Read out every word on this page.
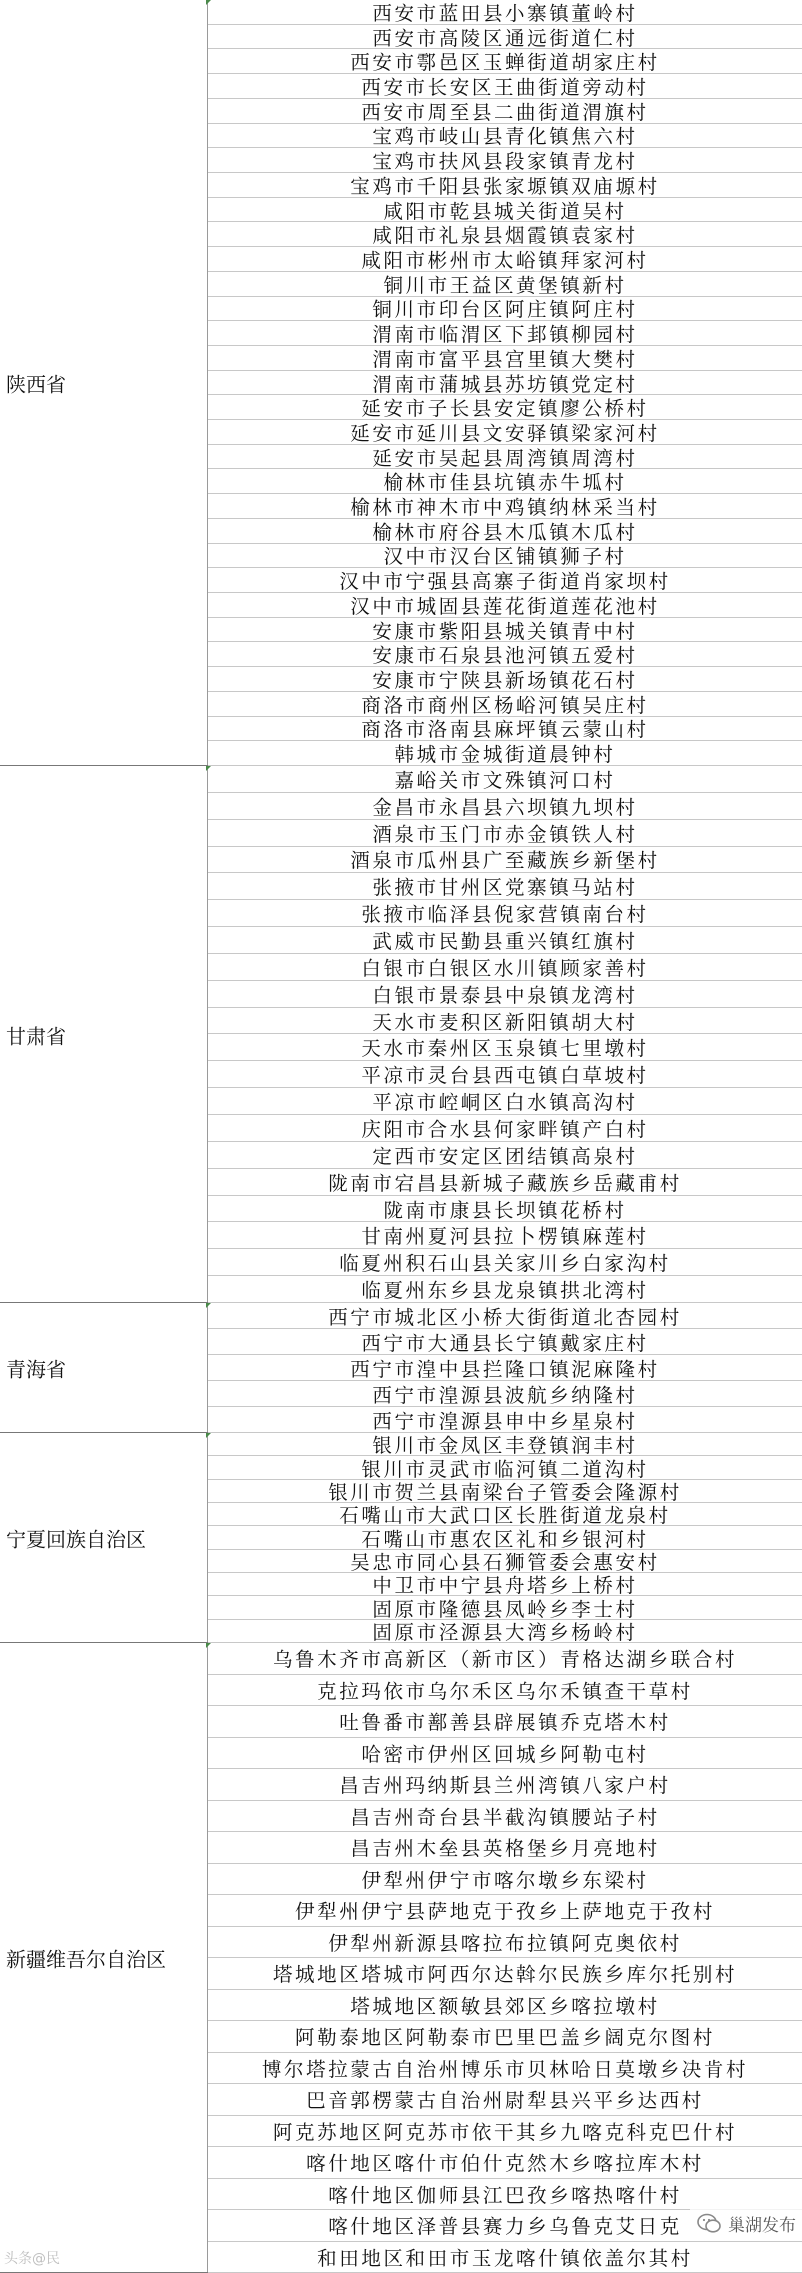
陕西省
甘肃省
青海省
宁夏回族自治区
新疆维吾尔自治区
西安市蓝田县小寨镇董岭村
西安市高陵区通远街道仁村
西安市鄠邑区玉蝉街道胡家庄村
西安市长安区王曲街道旁动村
西安市周至县二曲街道渭旗村
宝鸡市岐山县青化镇焦六村
宝鸡市扶风县段家镇青龙村
宝鸡市千阳县张家塬镇双庙塬村
咸阳市乾县城关街道吴村
咸阳市礼泉县烟霞镇袁家村
咸阳市彬州市太峪镇拜家河村
铜川市王益区黄堡镇新村
铜川市印台区阿庄镇阿庄村
渭南市临渭区下邽镇柳园村
渭南市富平县宫里镇大樊村
渭南市蒲城县苏坊镇党定村
延安市子长县安定镇廖公桥村
延安市延川县文安驿镇梁家河村
延安市吴起县周湾镇周湾村
榆林市佳县坑镇赤牛坬村
榆林市神木市中鸡镇纳林采当村
榆林市府谷县木瓜镇木瓜村
汉中市汉台区铺镇狮子村
汉中市宁强县高寨子街道肖家坝村
汉中市城固县莲花街道莲花池村
安康市紫阳县城关镇青中村
安康市石泉县池河镇五爱村
安康市宁陕县新场镇花石村
商洛市商州区杨峪河镇吴庄村
商洛市洛南县麻坪镇云蒙山村
韩城市金城街道晨钟村
嘉峪关市文殊镇河口村
金昌市永昌县六坝镇九坝村
酒泉市玉门市赤金镇铁人村
酒泉市瓜州县广至藏族乡新堡村
张掖市甘州区党寨镇马站村
张掖市临泽县倪家营镇南台村
武威市民勤县重兴镇红旗村
白银市白银区水川镇顾家善村
白银市景泰县中泉镇龙湾村
天水市麦积区新阳镇胡大村
天水市秦州区玉泉镇七里墩村
平凉市灵台县西屯镇白草坡村
平凉市崆峒区白水镇高沟村
庆阳市合水县何家畔镇产白村
定西市安定区团结镇高泉村
陇南市宕昌县新城子藏族乡岳藏甫村
陇南市康县长坝镇花桥村
甘南州夏河县拉卜楞镇麻莲村
临夏州积石山县关家川乡白家沟村
临夏州东乡县龙泉镇拱北湾村
西宁市城北区小桥大街街道北杏园村
西宁市大通县长宁镇戴家庄村
西宁市湟中县拦隆口镇泥麻隆村
西宁市湟源县波航乡纳隆村
西宁市湟源县申中乡星泉村
银川市金凤区丰登镇润丰村
银川市灵武市临河镇二道沟村
银川市贺兰县南梁台子管委会隆源村
石嘴山市大武口区长胜街道龙泉村
石嘴山市惠农区礼和乡银河村
吴忠市同心县石狮管委会惠安村
中卫市中宁县舟塔乡上桥村
固原市隆德县凤岭乡李士村
固原市泾源县大湾乡杨岭村
乌鲁木齐市高新区（新市区）青格达湖乡联合村
克拉玛依市乌尔禾区乌尔禾镇查干草村
吐鲁番市鄯善县辟展镇乔克塔木村
哈密市伊州区回城乡阿勒屯村
昌吉州玛纳斯县兰州湾镇八家户村
昌吉州奇台县半截沟镇腰站子村
昌吉州木垒县英格堡乡月亮地村
伊犁州伊宁市喀尔墩乡东梁村
伊犁州伊宁县萨地克于孜乡上萨地克于孜村
伊犁州新源县喀拉布拉镇阿克奥依村
塔城地区塔城市阿西尔达斡尔民族乡库尔托别村
塔城地区额敏县郊区乡喀拉墩村
阿勒泰地区阿勒泰市巴里巴盖乡阔克尔图村
博尔塔拉蒙古自治州博乐市贝林哈日莫墩乡决肯村
巴音郭楞蒙古自治州尉犁县兴平乡达西村
阿克苏地区阿克苏市依干其乡九喀克科克巴什村
喀什地区喀什市伯什克然木乡喀拉库木村
喀什地区伽师县江巴孜乡喀热喀什村
喀什地区泽普县赛力乡乌鲁克艾日克
和田地区和田市玉龙喀什镇依盖尔其村
头条@民
巢湖发布
